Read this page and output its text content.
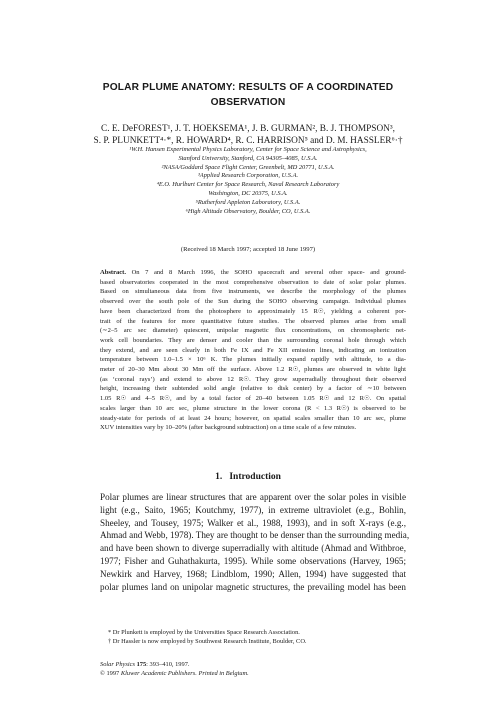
POLAR PLUME ANATOMY: RESULTS OF A COORDINATED
OBSERVATION
C. E. DeFOREST¹, J. T. HOEKSEMA¹, J. B. GURMAN², B. J. THOMPSON³,
S. P. PLUNKETT⁴·*, R. HOWARD⁴, R. C. HARRISON⁵ and D. M. HASSLER⁶·†
¹W.H. Hansen Experimental Physics Laboratory, Center for Space Science and Astrophysics,
Stanford University, Stanford, CA 94305–4085, U.S.A.
²NASA/Goddard Space Flight Center, Greenbelt, MD 20771, U.S.A.
³Applied Research Corporation, U.S.A.
⁴E.O. Hurlburt Center for Space Research, Naval Research Laboratory
Washington, DC 20375, U.S.A.
⁵Rutherford Appleton Laboratory, U.S.A.
⁶High Altitude Observatory, Boulder, CO, U.S.A.
(Received 18 March 1997; accepted 18 June 1997)
Abstract. On 7 and 8 March 1996, the SOHO spacecraft and several other space- and ground-
based observatories cooperated in the most comprehensive observation to date of solar polar plumes.
Based on simultaneous data from five instruments, we describe the morphology of the plumes
observed over the south pole of the Sun during the SOHO observing campaign. Individual plumes
have been characterized from the photosphere to approximately 15 R☉, yielding a coherent por-
trait of the features for more quantitative future studies. The observed plumes arise from small
(∼2–5 arc sec diameter) quiescent, unipolar magnetic flux concentrations, on chromospheric net-
work cell boundaries. They are denser and cooler than the surrounding coronal hole through which
they extend, and are seen clearly in both Fe IX and Fe XII emission lines, indicating an ionization
temperature between 1.0–1.5 × 10⁶ K. The plumes initially expand rapidly with altitude, to a dia-
meter of 20–30 Mm about 30 Mm off the surface. Above 1.2 R☉, plumes are observed in white light
(as ‘coronal rays’) and extend to above 12 R☉. They grow superradially throughout their observed
height, increasing their subtended solid angle (relative to disk center) by a factor of ∼10 between
1.05 R☉ and 4–5 R☉, and by a total factor of 20–40 between 1.05 R☉ and 12 R☉. On spatial
scales larger than 10 arc sec, plume structure in the lower corona (R < 1.3 R☉) is observed to be
steady-state for periods of at least 24 hours; however, on spatial scales smaller than 10 arc sec, plume
XUV intensities vary by 10–20% (after background subtraction) on a time scale of a few minutes.
1. Introduction
Polar plumes are linear structures that are apparent over the solar poles in visible
light (e.g., Saito, 1965; Koutchmy, 1977), in extreme ultraviolet (e.g., Bohlin,
Sheeley, and Tousey, 1975; Walker et al., 1988, 1993), and in soft X-rays (e.g.,
Ahmad and Webb, 1978). They are thought to be denser than the surrounding media,
and have been shown to diverge superradially with altitude (Ahmad and Withbroe,
1977; Fisher and Guhathakurta, 1995). While some observations (Harvey, 1965;
Newkirk and Harvey, 1968; Lindblom, 1990; Allen, 1994) have suggested that
polar plumes land on unipolar magnetic structures, the prevailing model has been
* Dr Plunkett is employed by the Universities Space Research Association.
† Dr Hassler is now employed by Southwest Research Institute, Boulder, CO.
Solar Physics 175: 393–410, 1997.
© 1997 Kluwer Academic Publishers. Printed in Belgium.
